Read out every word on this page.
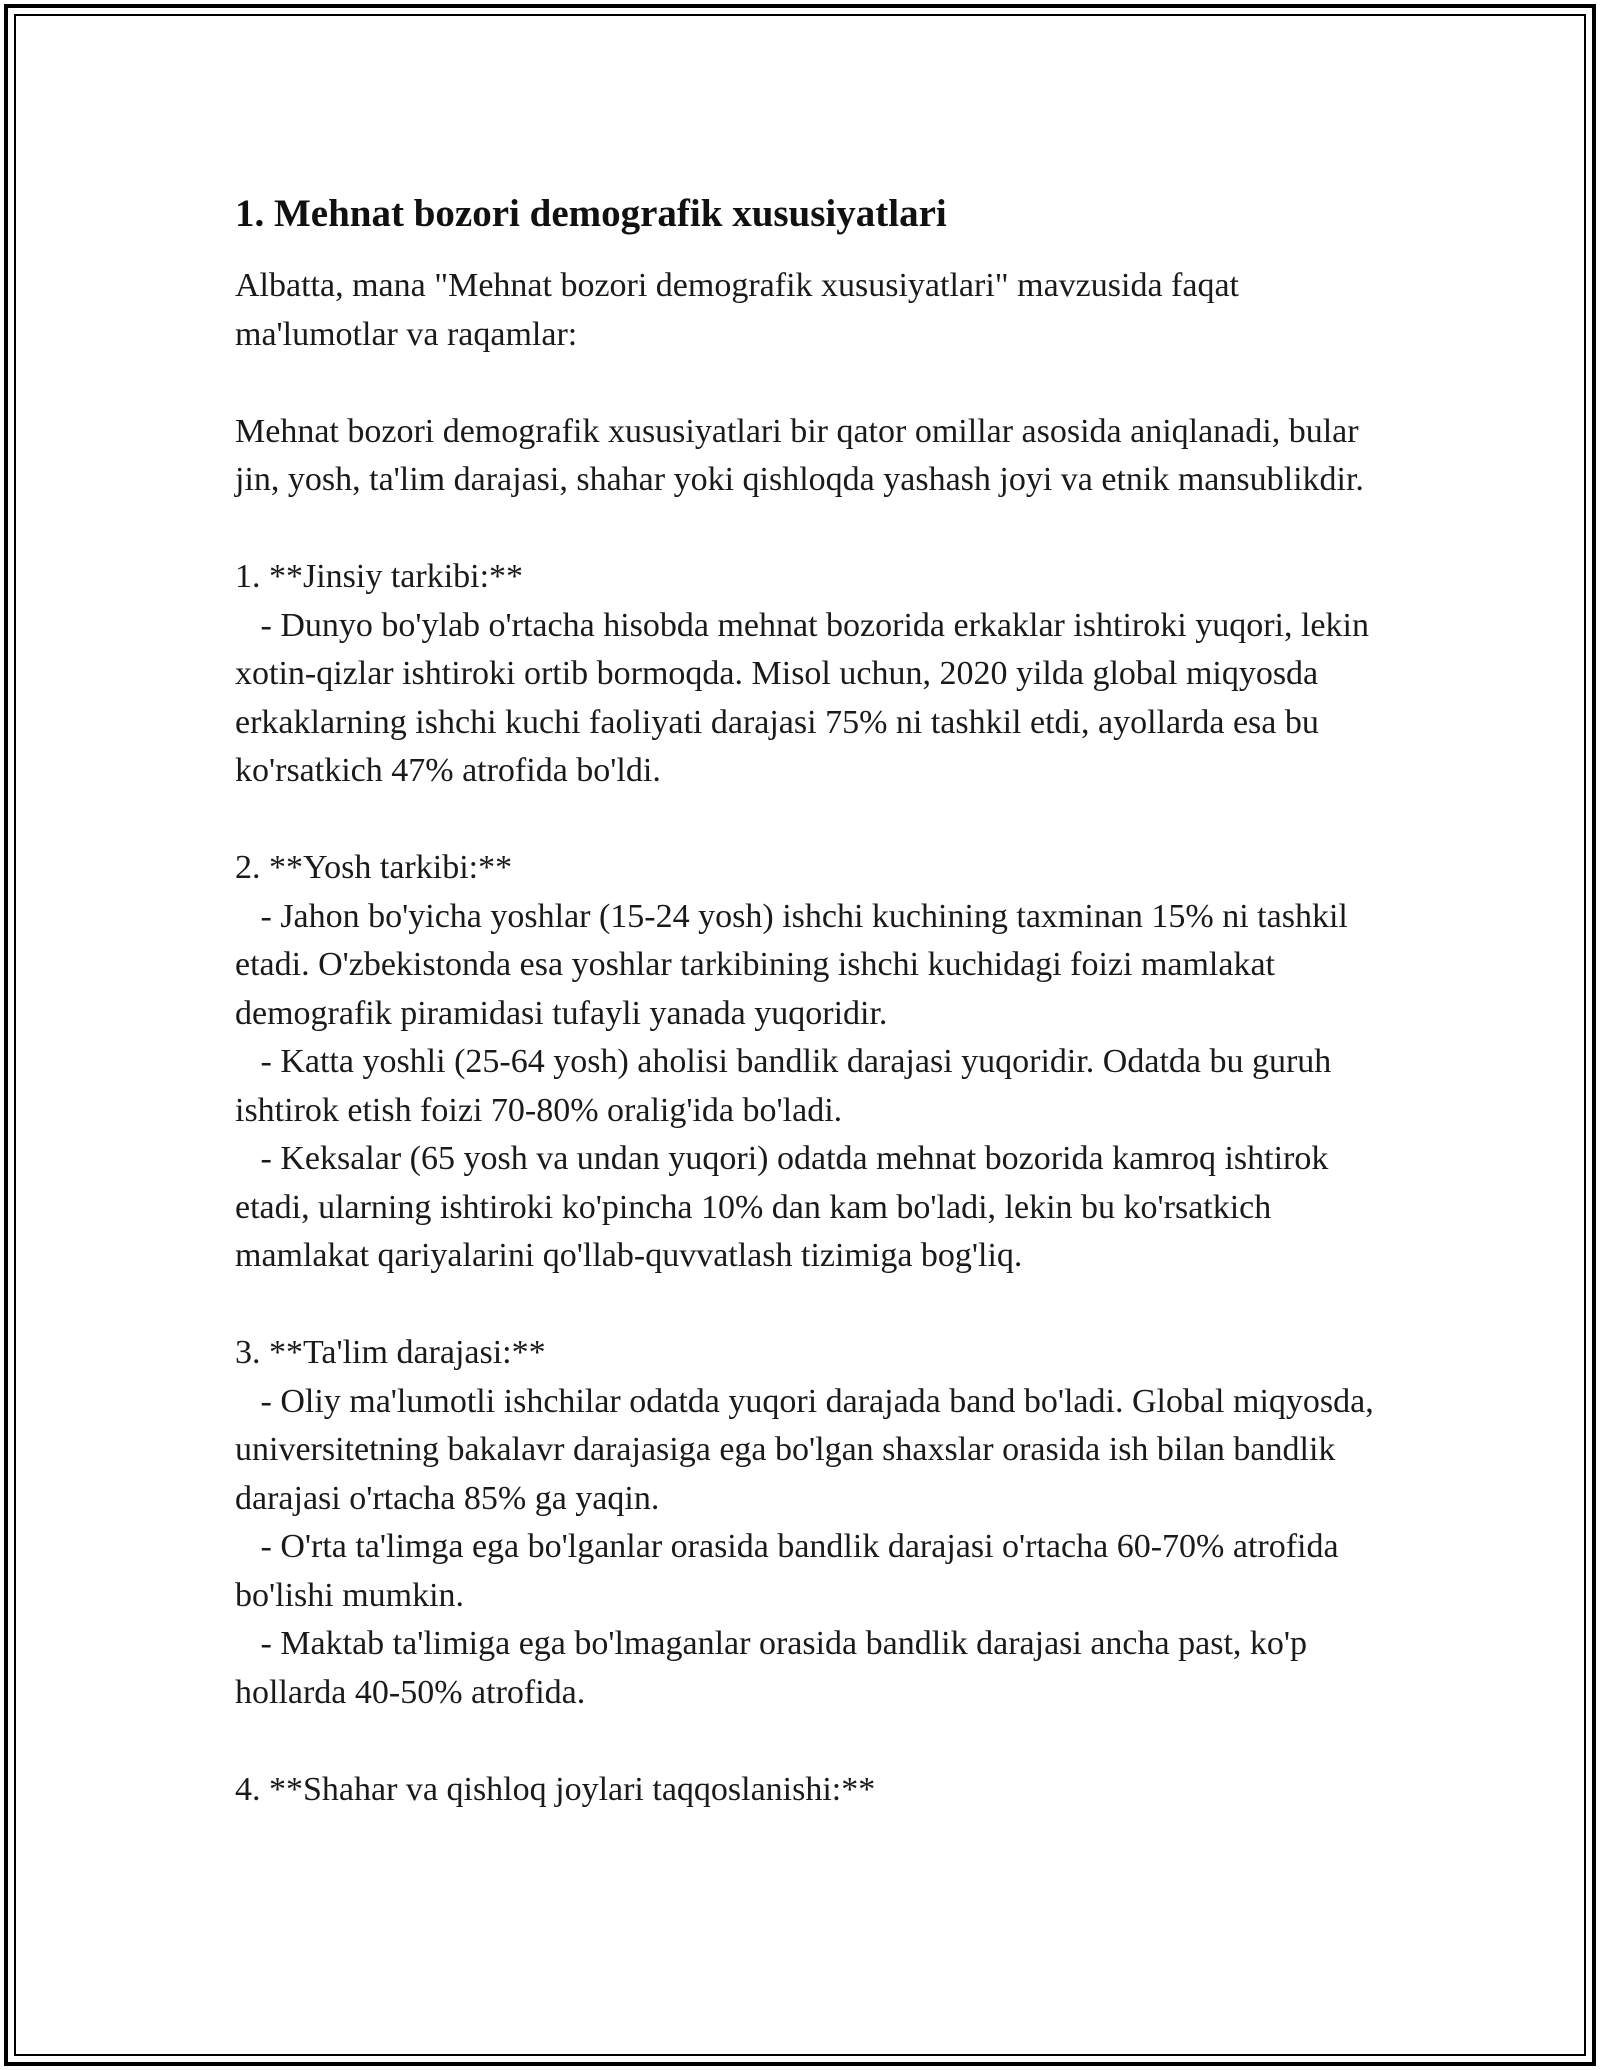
1. Mehnat bozori demografik xususiyatlari

Albatta, mana "Mehnat bozori demografik xususiyatlari" mavzusida faqat ma'lumotlar va raqamlar:

Mehnat bozori demografik xususiyatlari bir qator omillar asosida aniqlanadi, bular jin, yosh, ta'lim darajasi, shahar yoki qishloqda yashash joyi va etnik mansublikdir.

1. **Jinsiy tarkibi:**

- Dunyo bo'ylab o'rtacha hisobda mehnat bozorida erkaklar ishtiroki yuqori, lekin xotin-qizlar ishtiroki ortib bormoqda. Misol uchun, 2020 yilda global miqyosda erkaklarning ishchi kuchi faoliyati darajasi 75% ni tashkil etdi, ayollarda esa bu ko'rsatkich 47% atrofida bo'ldi.

2. **Yosh tarkibi:**

- Jahon bo'yicha yoshlar (15-24 yosh) ishchi kuchining taxminan 15% ni tashkil etadi. O'zbekistonda esa yoshlar tarkibining ishchi kuchidagi foizi mamlakat demografik piramidasi tufayli yanada yuqoridir.

- Katta yoshli (25-64 yosh) aholisi bandlik darajasi yuqoridir. Odatda bu guruh ishtirok etish foizi 70-80% oralig'ida bo'ladi.

- Keksalar (65 yosh va undan yuqori) odatda mehnat bozorida kamroq ishtirok etadi, ularning ishtiroki ko'pincha 10% dan kam bo'ladi, lekin bu ko'rsatkich mamlakat qariyalarini qo'llab-quvvatlash tizimiga bog'liq.

3. **Ta'lim darajasi:**

- Oliy ma'lumotli ishchilar odatda yuqori darajada band bo'ladi. Global miqyosda, universitetning bakalavr darajasiga ega bo'lgan shaxslar orasida ish bilan bandlik darajasi o'rtacha 85% ga yaqin.

- O'rta ta'limga ega bo'lganlar orasida bandlik darajasi o'rtacha 60-70% atrofida bo'lishi mumkin.

- Maktab ta'limiga ega bo'lmaganlar orasida bandlik darajasi ancha past, ko'p hollarda 40-50% atrofida.

4. **Shahar va qishloq joylari taqqoslanishi:**
